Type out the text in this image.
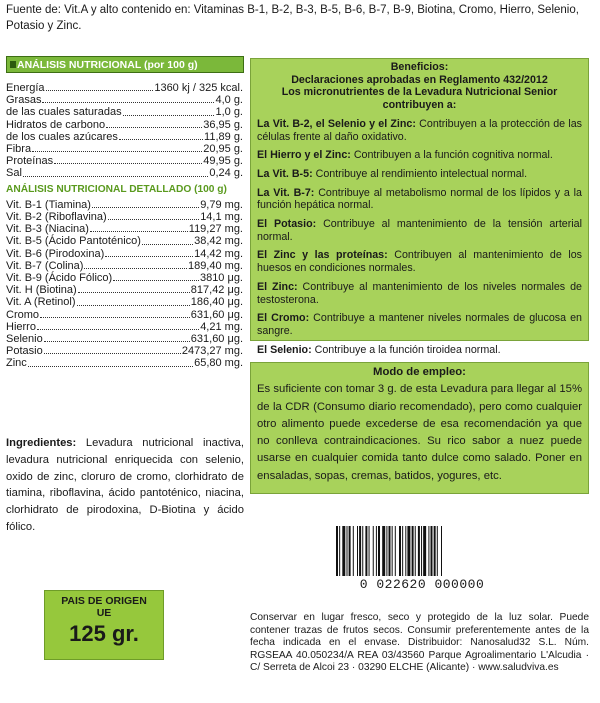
Fuente de: Vit.A y alto contenido en: Vitaminas B-1, B-2, B-3, B-5, B-6, B-7, B-9, Biotina, Cromo, Hierro, Selenio, Potasio y Zinc.
ANÁLISIS NUTRICIONAL (por 100 g)
Energía	1360 kj / 325 kcal.
Grasas	4,0 g.
de las cuales saturadas	1,0 g.
Hidratos de carbono	36,95 g.
de los cuales azúcares	11,89 g.
Fibra	20,95 g.
Proteínas	49,95 g.
Sal	0,24 g.
ANÁLISIS NUTRICIONAL DETALLADO (100 g)
Vit. B-1 (Tiamina)	9,79 mg.
Vit. B-2 (Riboflavina)	14,1 mg.
Vit. B-3 (Niacina)	119,27 mg.
Vit. B-5 (Ácido Pantoténico)	38,42 mg.
Vit. B-6 (Pirodoxina)	14,42 mg.
Vit. B-7 (Colina)	189,40 mg.
Vit. B-9 (Ácido Fólico)	3810 μg.
Vit. H (Biotina)	817,42 μg.
Vit. A (Retinol)	186,40 μg.
Cromo	631,60 μg.
Hierro	4,21 mg.
Selenio	631,60 μg.
Potasio	2473,27 mg.
Zinc	65,80 mg.
Ingredientes: Levadura nutricional inactiva, levadura nutricional enriquecida con selenio, oxido de zinc, cloruro de cromo, clorhidrato de tiamina, riboflavina, ácido pantoténico, niacina, clorhidrato de pirodoxina, D-Biotina y ácido fólico.
PAIS DE ORIGEN
UE
125 gr.
Beneficios:
Declaraciones aprobadas en Reglamento 432/2012
Los micronutrientes de la Levadura Nutricional Senior
contribuyen a:

La Vit. B-2, el Selenio y el Zinc: Contribuyen a la protección de las células frente al daño oxidativo.

El Hierro y el Zinc: Contribuyen a la función cognitiva normal.

La Vit. B-5: Contribuye al rendimiento intelectual normal.

La Vit. B-7: Contribuye al metabolismo normal de los lípidos y a la función hepática normal.

El Potasio: Contribuye al mantenimiento de la tensión arterial normal.

El Zinc y las proteínas: Contribuyen al mantenimiento de los huesos en condiciones normales.

El Zinc: Contribuye al mantenimiento de los niveles normales de testosterona.

El Cromo: Contribuye a mantener niveles normales de glucosa en sangre.

El Selenio: Contribuye a la función tiroidea normal.

Modo de empleo:
Es suficiente con tomar 3 g. de esta Levadura para llegar al 15% de la CDR (Consumo diario recomendado), pero como cualquier otro alimento puede excederse de esa recomendación ya que no conlleva contraindicaciones. Su rico sabor a nuez puede usarse en cualquier comida tanto dulce como salado. Poner en ensaladas, sopas, cremas, batidos, yogures, etc.
0 022620 000000
Conservar en lugar fresco, seco y protegido de la luz solar. Puede contener trazas de frutos secos. Consumir preferentemente antes de la fecha indicada en el envase. Distribuidor: Nanosalud32 S.L. Núm. RGSEAA 40.050234/A REA 03/43560 Parque Agroalimentario L'Alcudia · C/ Serreta de Alcoi 23 · 03290 ELCHE (Alicante) · www.saludviva.es
